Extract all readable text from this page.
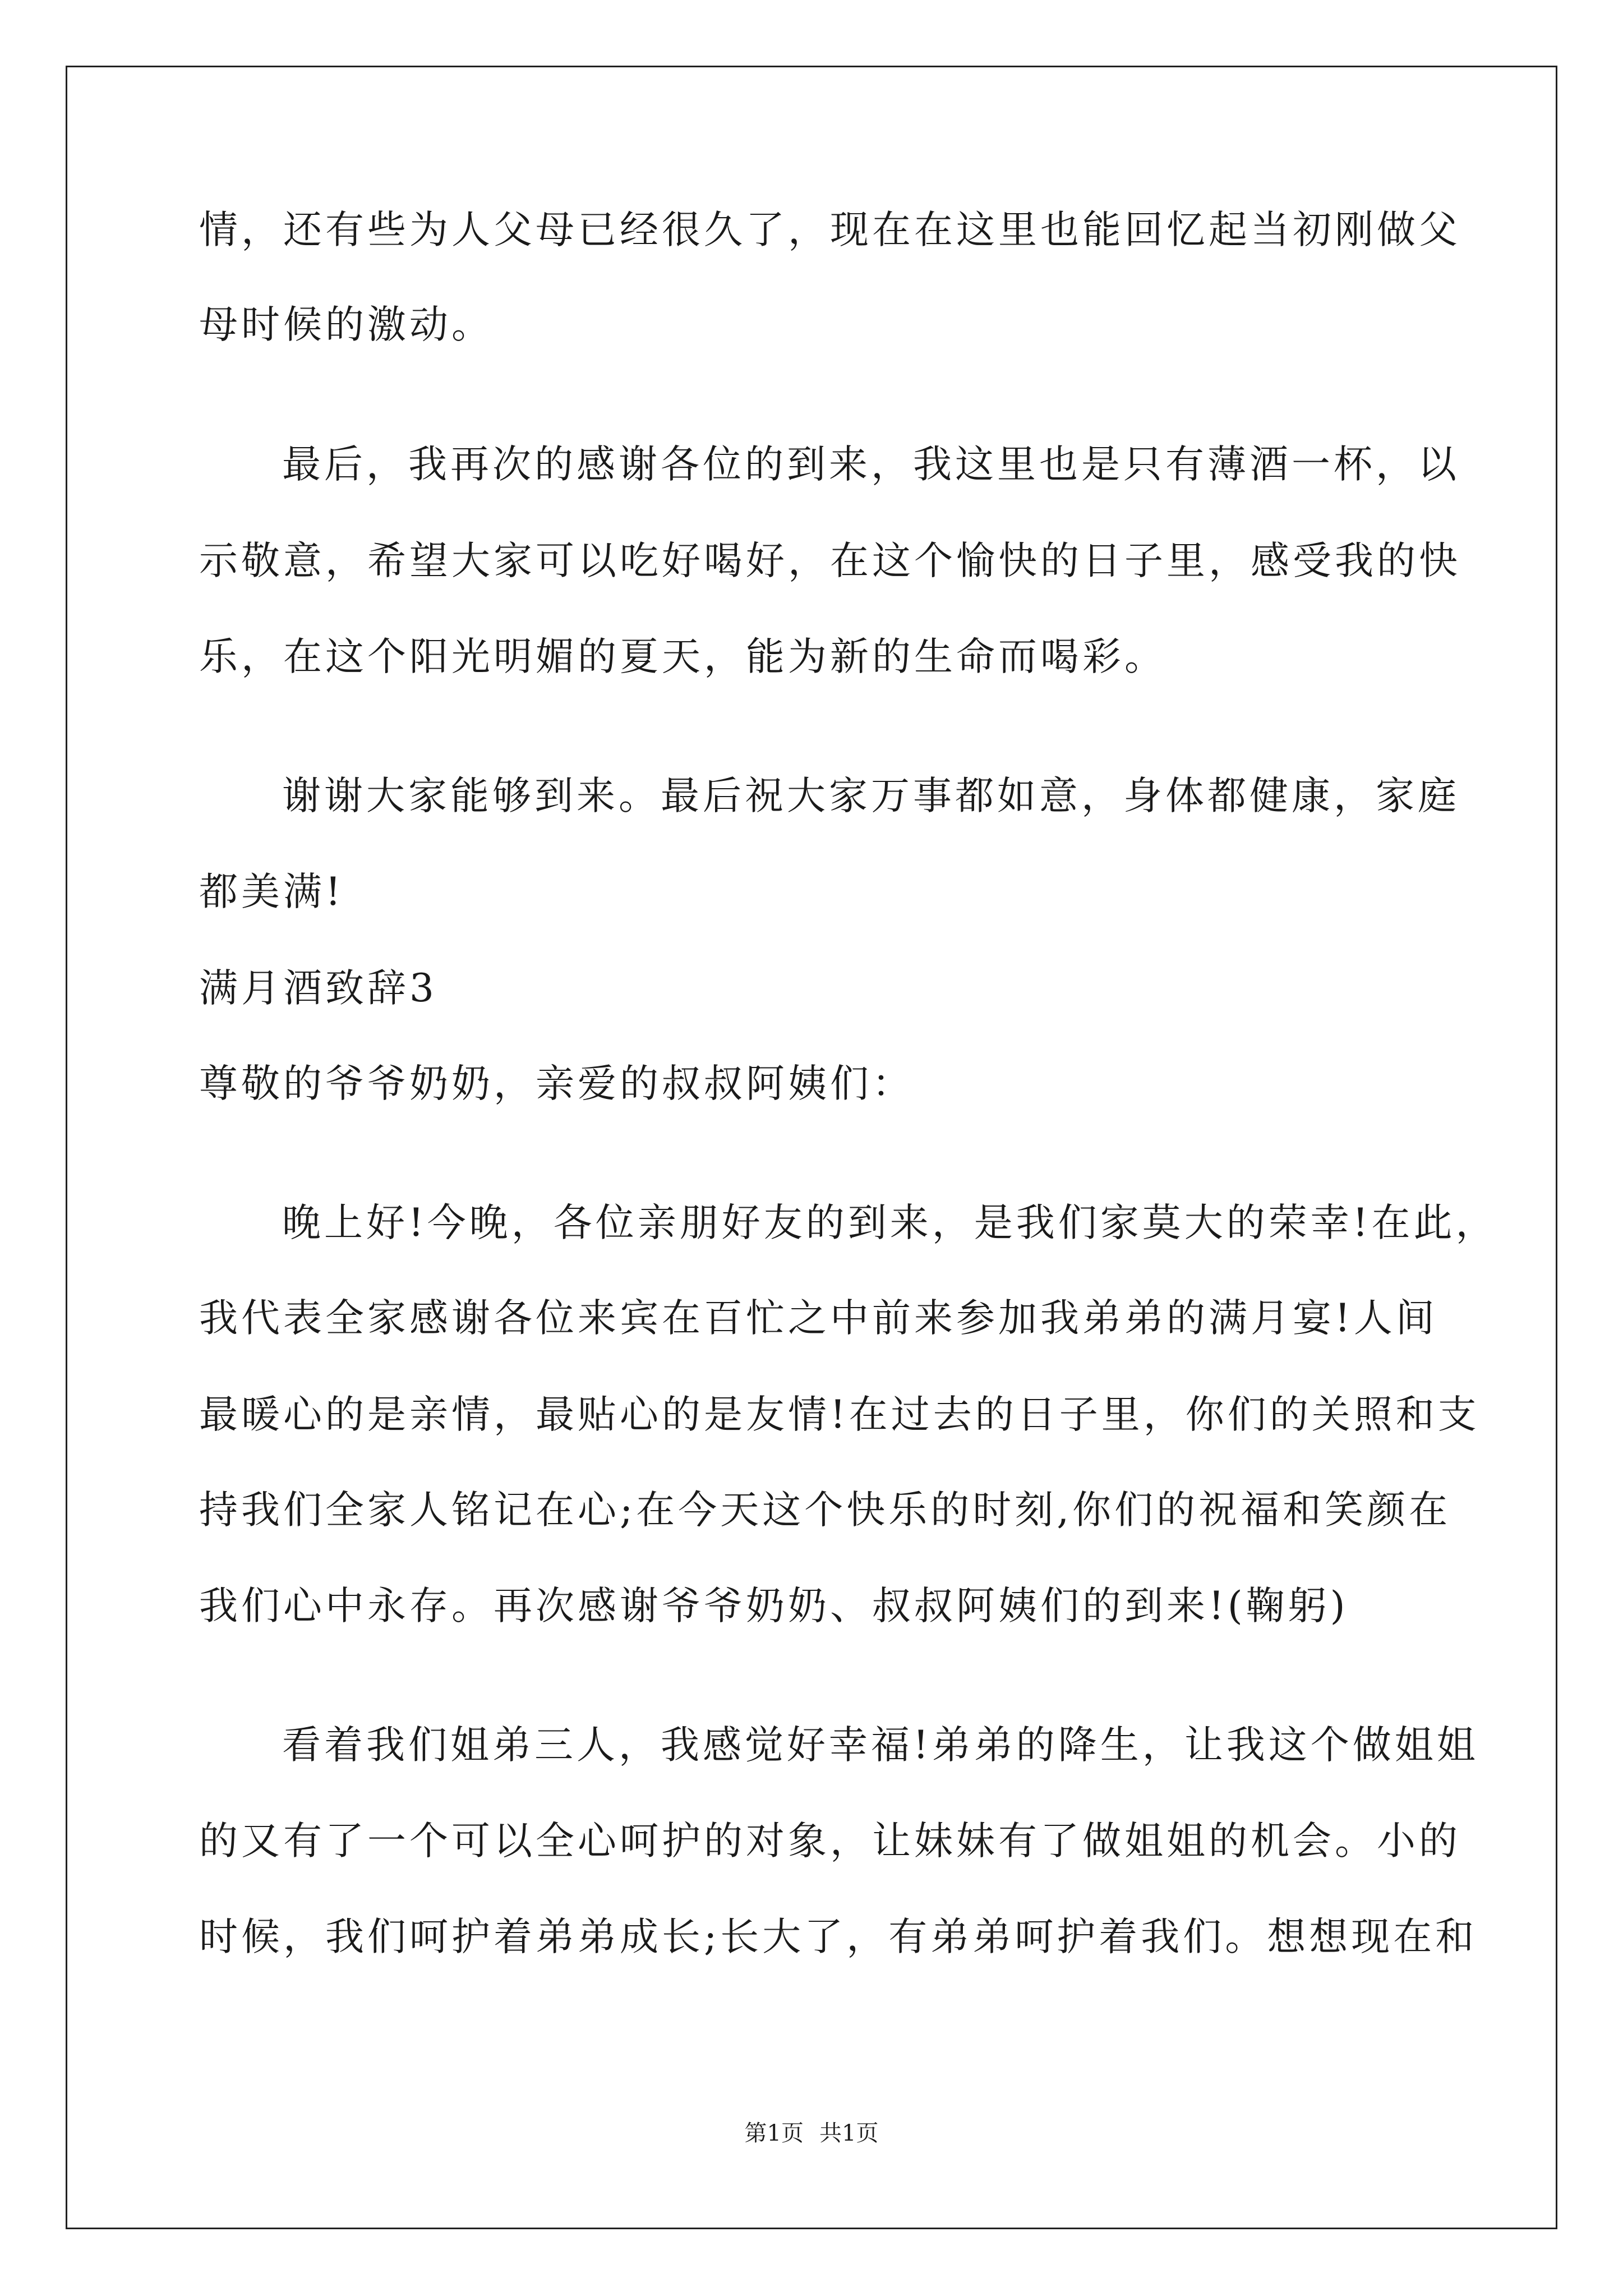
情，还有些为人父母已经很久了，现在在这里也能回忆起当初刚做父
母时候的激动。
最后，我再次的感谢各位的到来，我这里也是只有薄酒一杯，以
示敬意，希望大家可以吃好喝好，在这个愉快的日子里，感受我的快
乐，在这个阳光明媚的夏天，能为新的生命而喝彩。
谢谢大家能够到来。最后祝大家万事都如意，身体都健康，家庭
都美满!
满月酒致辞3
尊敬的爷爷奶奶，亲爱的叔叔阿姨们：
晚上好!今晚，各位亲朋好友的到来，是我们家莫大的荣幸!在此，
我代表全家感谢各位来宾在百忙之中前来参加我弟弟的满月宴!人间
最暖心的是亲情，最贴心的是友情!在过去的日子里，你们的关照和支
持我们全家人铭记在心;在今天这个快乐的时刻,你们的祝福和笑颜在
我们心中永存。再次感谢爷爷奶奶、叔叔阿姨们的到来!(鞠躬)
看着我们姐弟三人，我感觉好幸福!弟弟的降生，让我这个做姐姐
的又有了一个可以全心呵护的对象，让妹妹有了做姐姐的机会。小的
时候，我们呵护着弟弟成长;长大了，有弟弟呵护着我们。想想现在和
第1页 共1页
